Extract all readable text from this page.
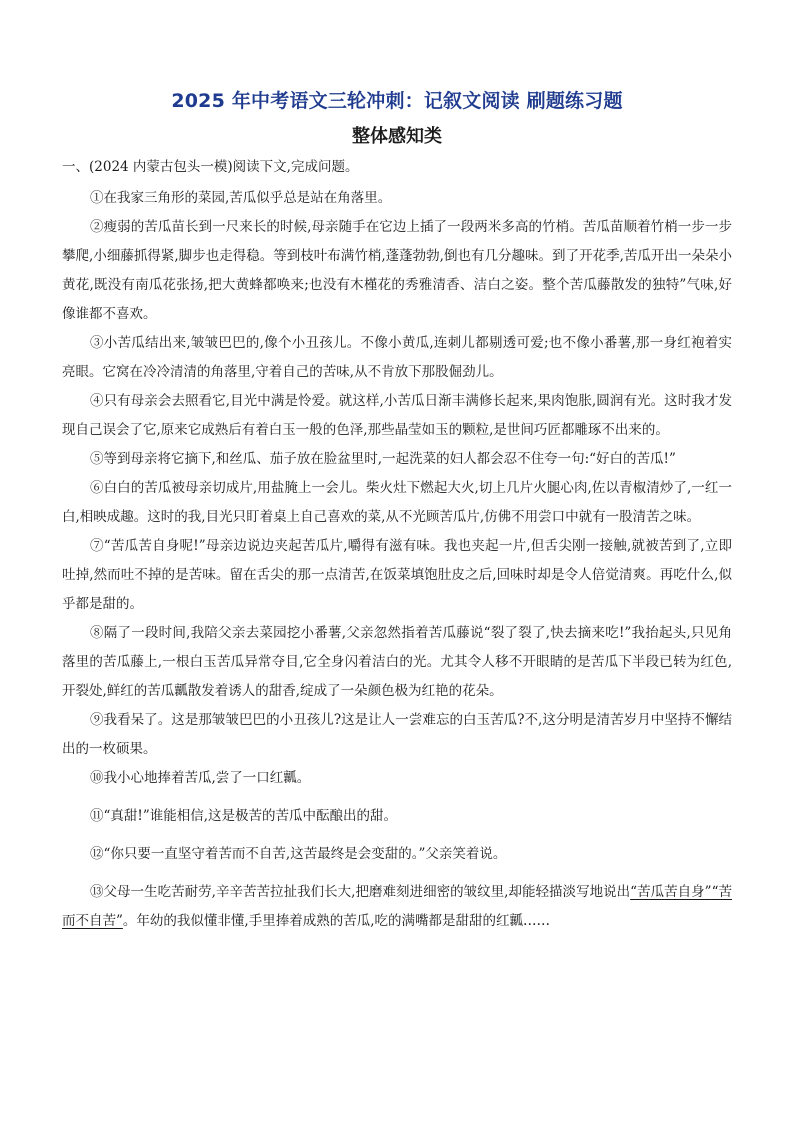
2025 年中考语文三轮冲刺：记叙文阅读 刷题练习题
整体感知类

一、(2024 内蒙古包头一模)阅读下文,完成问题。

①在我家三角形的菜园,苦瓜似乎总是站在角落里。

②瘦弱的苦瓜苗长到一尺来长的时候,母亲随手在它边上插了一段两米多高的竹梢。苦瓜苗顺着竹梢一步一步攀爬,小细藤抓得紧,脚步也走得稳。等到枝叶布满竹梢,蓬蓬勃勃,倒也有几分趣味。到了开花季,苦瓜开出一朵朵小黄花,既没有南瓜花张扬,把大黄蜂都唤来;也没有木槿花的秀雅清香、洁白之姿。整个苦瓜藤散发的独特”气味,好像谁都不喜欢。

③小苦瓜结出来,皱皱巴巴的,像个小丑孩儿。不像小黄瓜,连刺儿都剔透可爱;也不像小番薯,那一身红袍着实亮眼。它窝在冷冷清清的角落里,守着自己的苦味,从不肯放下那股倔劲儿。

④只有母亲会去照看它,目光中满是怜爱。就这样,小苦瓜日渐丰满修长起来,果肉饱胀,圆润有光。这时我才发现自己误会了它,原来它成熟后有着白玉一般的色泽,那些晶莹如玉的颗粒,是世间巧匠都雕琢不出来的。

⑤等到母亲将它摘下,和丝瓜、茄子放在脸盆里时,一起洗菜的妇人都会忍不住夸一句:“好白的苦瓜!”

⑥白白的苦瓜被母亲切成片,用盐腌上一会儿。柴火灶下燃起大火,切上几片火腿心肉,佐以青椒清炒了,一红一白,相映成趣。这时的我,目光只盯着桌上自己喜欢的菜,从不光顾苦瓜片,仿佛不用尝口中就有一股清苦之味。

⑦“苦瓜苦自身呢!”母亲边说边夹起苦瓜片,嚼得有滋有味。我也夹起一片,但舌尖刚一接触,就被苦到了,立即吐掉,然而吐不掉的是苦味。留在舌尖的那一点清苦,在饭菜填饱肚皮之后,回味时却是令人倍觉清爽。再吃什么,似乎都是甜的。

⑧隔了一段时间,我陪父亲去菜园挖小番薯,父亲忽然指着苦瓜藤说“裂了裂了,快去摘来吃!”我抬起头,只见角落里的苦瓜藤上,一根白玉苦瓜异常夺目,它全身闪着洁白的光。尤其令人移不开眼睛的是苦瓜下半段已转为红色,开裂处,鲜红的苦瓜瓤散发着诱人的甜香,绽成了一朵颜色极为红艳的花朵。

⑨我看呆了。这是那皱皱巴巴的小丑孩儿?这是让人一尝难忘的白玉苦瓜?不,这分明是清苦岁月中坚持不懈结出的一枚硕果。

⑩我小心地捧着苦瓜,尝了一口红瓤。

⑪“真甜!”谁能相信,这是极苦的苦瓜中酝酿出的甜。

⑫“你只要一直坚守着苦而不自苦,这苦最终是会变甜的。”父亲笑着说。

⑬父母一生吃苦耐劳,辛辛苦苦拉扯我们长大,把磨难刻进细密的皱纹里,却能轻描淡写地说出“苦瓜苦自身”“苦而不自苦”。年幼的我似懂非懂,手里捧着成熟的苦瓜,吃的满嘴都是甜甜的红瓤……
